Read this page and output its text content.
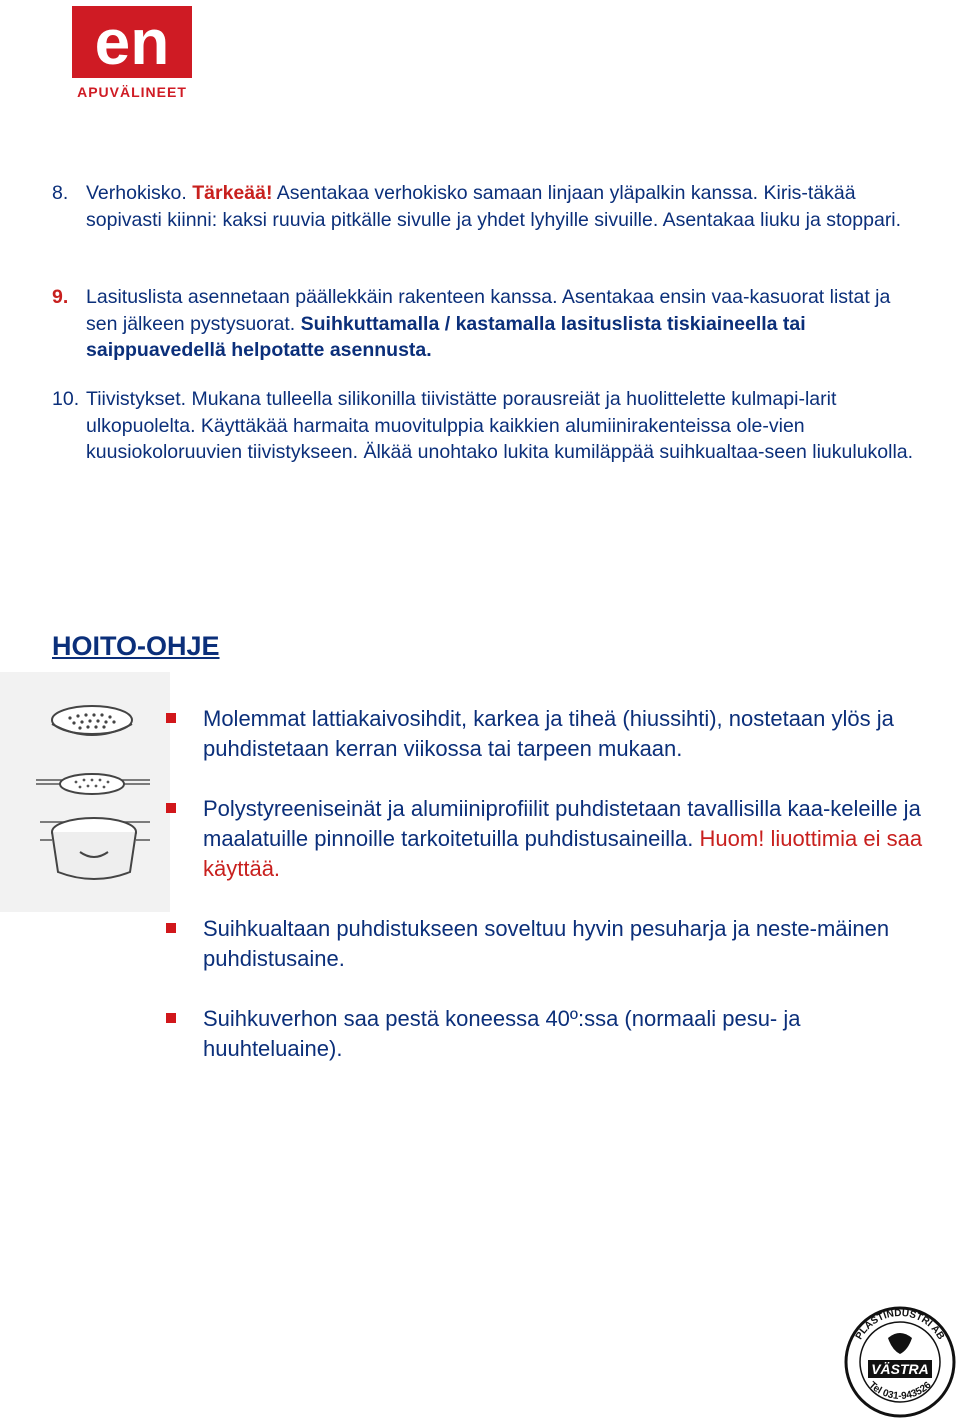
en
APUVÄLINEET
8. Verhokisko. Tärkeää! Asentakaa verhokisko samaan linjaan yläpalkin kanssa. Kiris-täkää sopivasti kiinni: kaksi ruuvia pitkälle sivulle ja yhdet lyhyille sivuille. Asentakaa liuku ja stoppari.
9. Lasituslista asennetaan päällekkäin rakenteen kanssa. Asentakaa ensin vaa-kasuorat listat ja sen jälkeen pystysuorat. Suihkuttamalla / kastamalla lasituslista tiskiaineella tai saippuavedellä helpotatte asennusta.
10. Tiivistykset. Mukana tulleella silikonilla tiivistätte porausreiät ja huolittelette kulmapi-larit ulkopuolelta. Käyttäkää harmaita muovitulppia kaikkien alumiinirakenteissa ole-vien kuusiokoloruuvien tiivistykseen. Älkää unohtako lukita kumiläppää suihkualtaa-seen liukulukolla.
HOITO-OHJE
Molemmat lattiakaivosihdit, karkea ja tiheä (hiussihti), nostetaan ylös ja puhdistetaan kerran viikossa tai tarpeen mukaan.
Polystyreeniseinät ja alumiiniprofiilit puhdistetaan tavallisilla kaa-keleille ja maalatuille pinnoille tarkoitetuilla puhdistusaineilla. Huom! liuottimia ei saa käyttää.
Suihkualtaan puhdistukseen soveltuu hyvin pesuharja ja neste-mäinen puhdistusaine.
Suihkuverhon saa pestä koneessa 40º:ssa (normaali pesu- ja huuhteluaine).
PLASTINDUSTRI AB
Tel 031-943526
VÄSTRA
